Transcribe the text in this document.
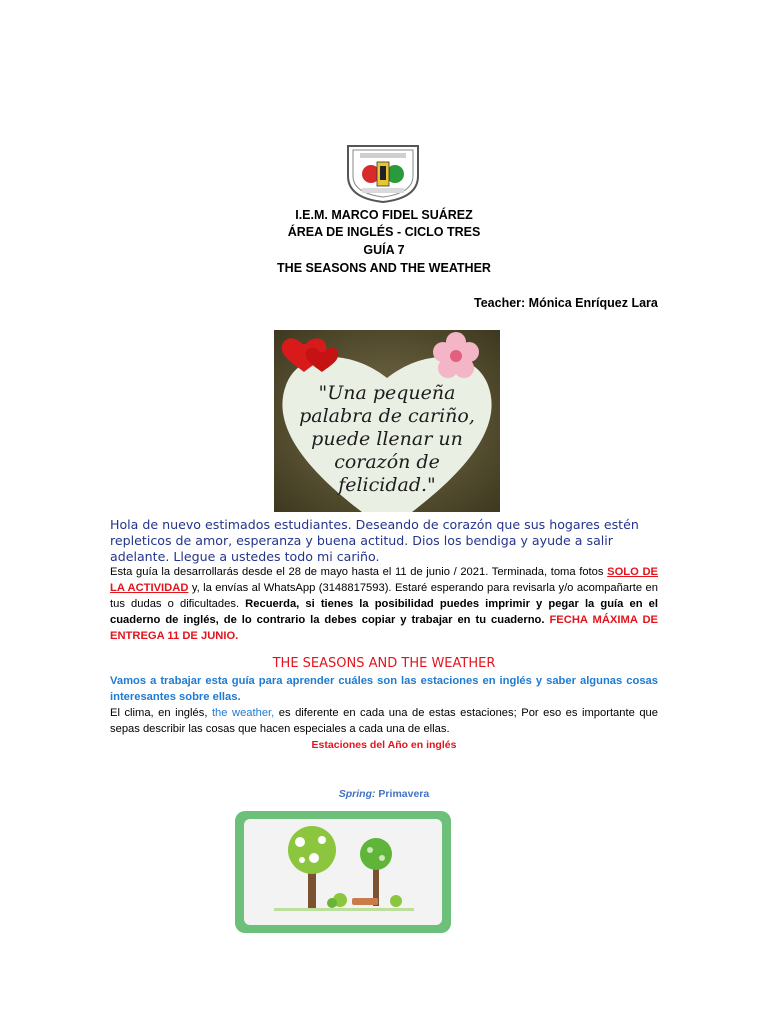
I.E.M. MARCO FIDEL SUÁREZ
ÁREA DE INGLÉS - CICLO TRES
GUÍA 7
THE SEASONS AND THE WEATHER
Teacher: Mónica Enríquez Lara
"Una pequeña
palabra de cariño,
puede llenar un
corazón de
felicidad."
Hola de nuevo estimados estudiantes. Deseando de corazón que sus hogares estén
repleticos de amor, esperanza y buena actitud. Dios los bendiga y ayude a salir
adelante. Llegue a ustedes todo mi cariño.
Esta guía la desarrollarás desde el 28 de mayo hasta el 11 de junio / 2021. Terminada, toma fotos SOLO DE LA ACTIVIDAD y, la envías al WhatsApp (3148817593). Estaré esperando para revisarla y/o acompañarte en tus dudas o dificultades. Recuerda, si tienes la posibilidad puedes imprimir y pegar la guía en el cuaderno de inglés, de lo contrario la debes copiar y trabajar en tu cuaderno. FECHA MÁXIMA DE ENTREGA 11 DE JUNIO.
THE SEASONS AND THE WEATHER
Vamos a trabajar esta guía para aprender cuáles son las estaciones en inglés y saber algunas cosas interesantes sobre ellas.
El clima, en inglés, the weather, es diferente en cada una de estas estaciones; Por eso es importante que sepas describir las cosas que hacen especiales a cada una de ellas.
Estaciones del Año en inglés
Spring: Primavera
